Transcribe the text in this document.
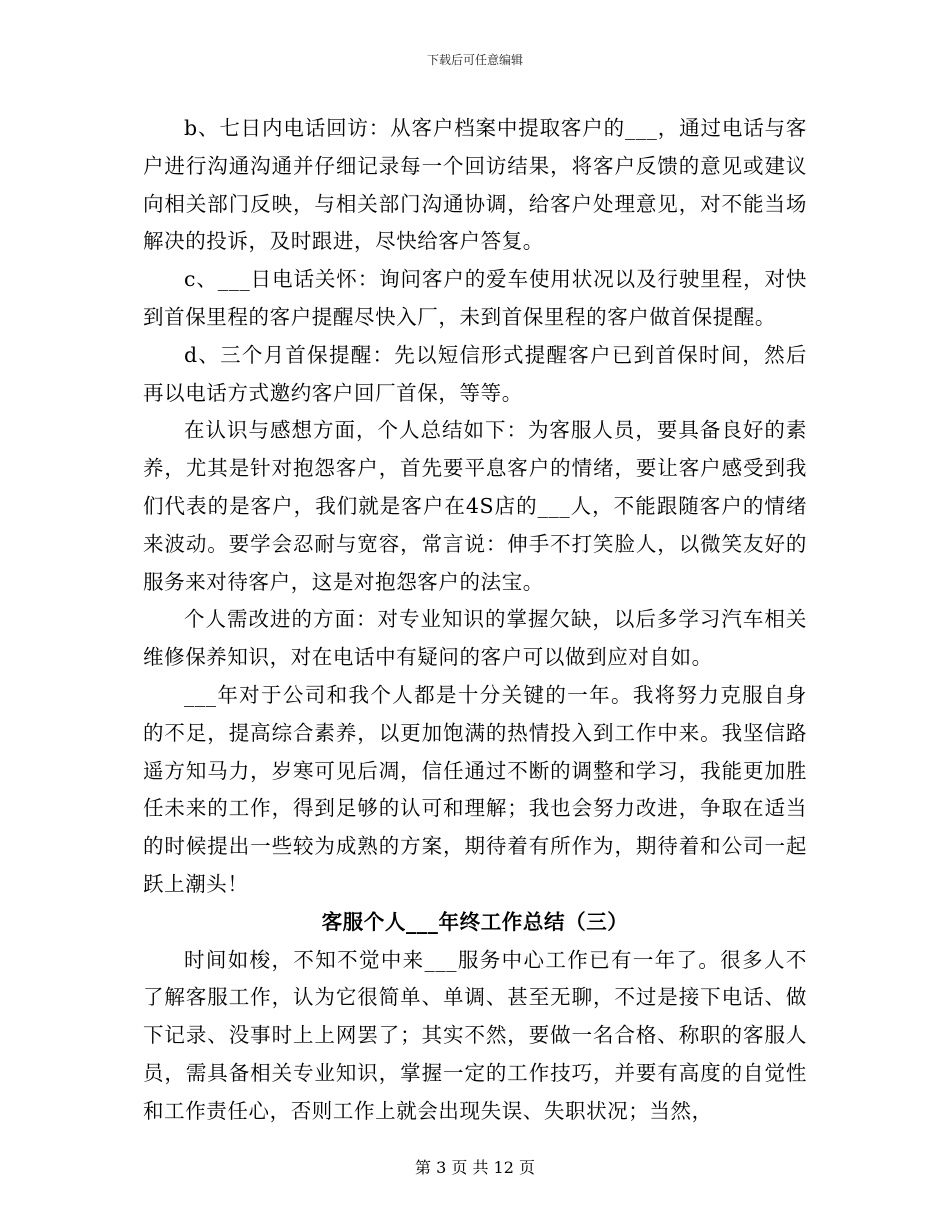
下载后可任意编辑

b、七日内电话回访：从客户档案中提取客户的___，通过电话与客户进行沟通沟通并仔细记录每一个回访结果，将客户反馈的意见或建议向相关部门反映，与相关部门沟通协调，给客户处理意见，对不能当场解决的投诉，及时跟进，尽快给客户答复。

c、___日电话关怀：询问客户的爱车使用状况以及行驶里程，对快到首保里程的客户提醒尽快入厂，未到首保里程的客户做首保提醒。

d、三个月首保提醒：先以短信形式提醒客户已到首保时间，然后再以电话方式邀约客户回厂首保，等等。

在认识与感想方面，个人总结如下：为客服人员，要具备良好的素养，尤其是针对抱怨客户，首先要平息客户的情绪，要让客户感受到我们代表的是客户，我们就是客户在4S店的___人，不能跟随客户的情绪来波动。要学会忍耐与宽容，常言说：伸手不打笑脸人，以微笑友好的服务来对待客户，这是对抱怨客户的法宝。

个人需改进的方面：对专业知识的掌握欠缺，以后多学习汽车相关维修保养知识，对在电话中有疑问的客户可以做到应对自如。

___年对于公司和我个人都是十分关键的一年。我将努力克服自身的不足，提高综合素养，以更加饱满的热情投入到工作中来。我坚信路遥方知马力，岁寒可见后凋，信任通过不断的调整和学习，我能更加胜任未来的工作，得到足够的认可和理解；我也会努力改进，争取在适当的时候提出一些较为成熟的方案，期待着有所作为，期待着和公司一起跃上潮头！

客服个人___年终工作总结（三）

时间如梭，不知不觉中来___服务中心工作已有一年了。很多人不了解客服工作，认为它很简单、单调、甚至无聊，不过是接下电话、做下记录、没事时上上网罢了；其实不然，要做一名合格、称职的客服人员，需具备相关专业知识，掌握一定的工作技巧，并要有高度的自觉性和工作责任心，否则工作上就会出现失误、失职状况；当然，

第 3 页 共 12 页
